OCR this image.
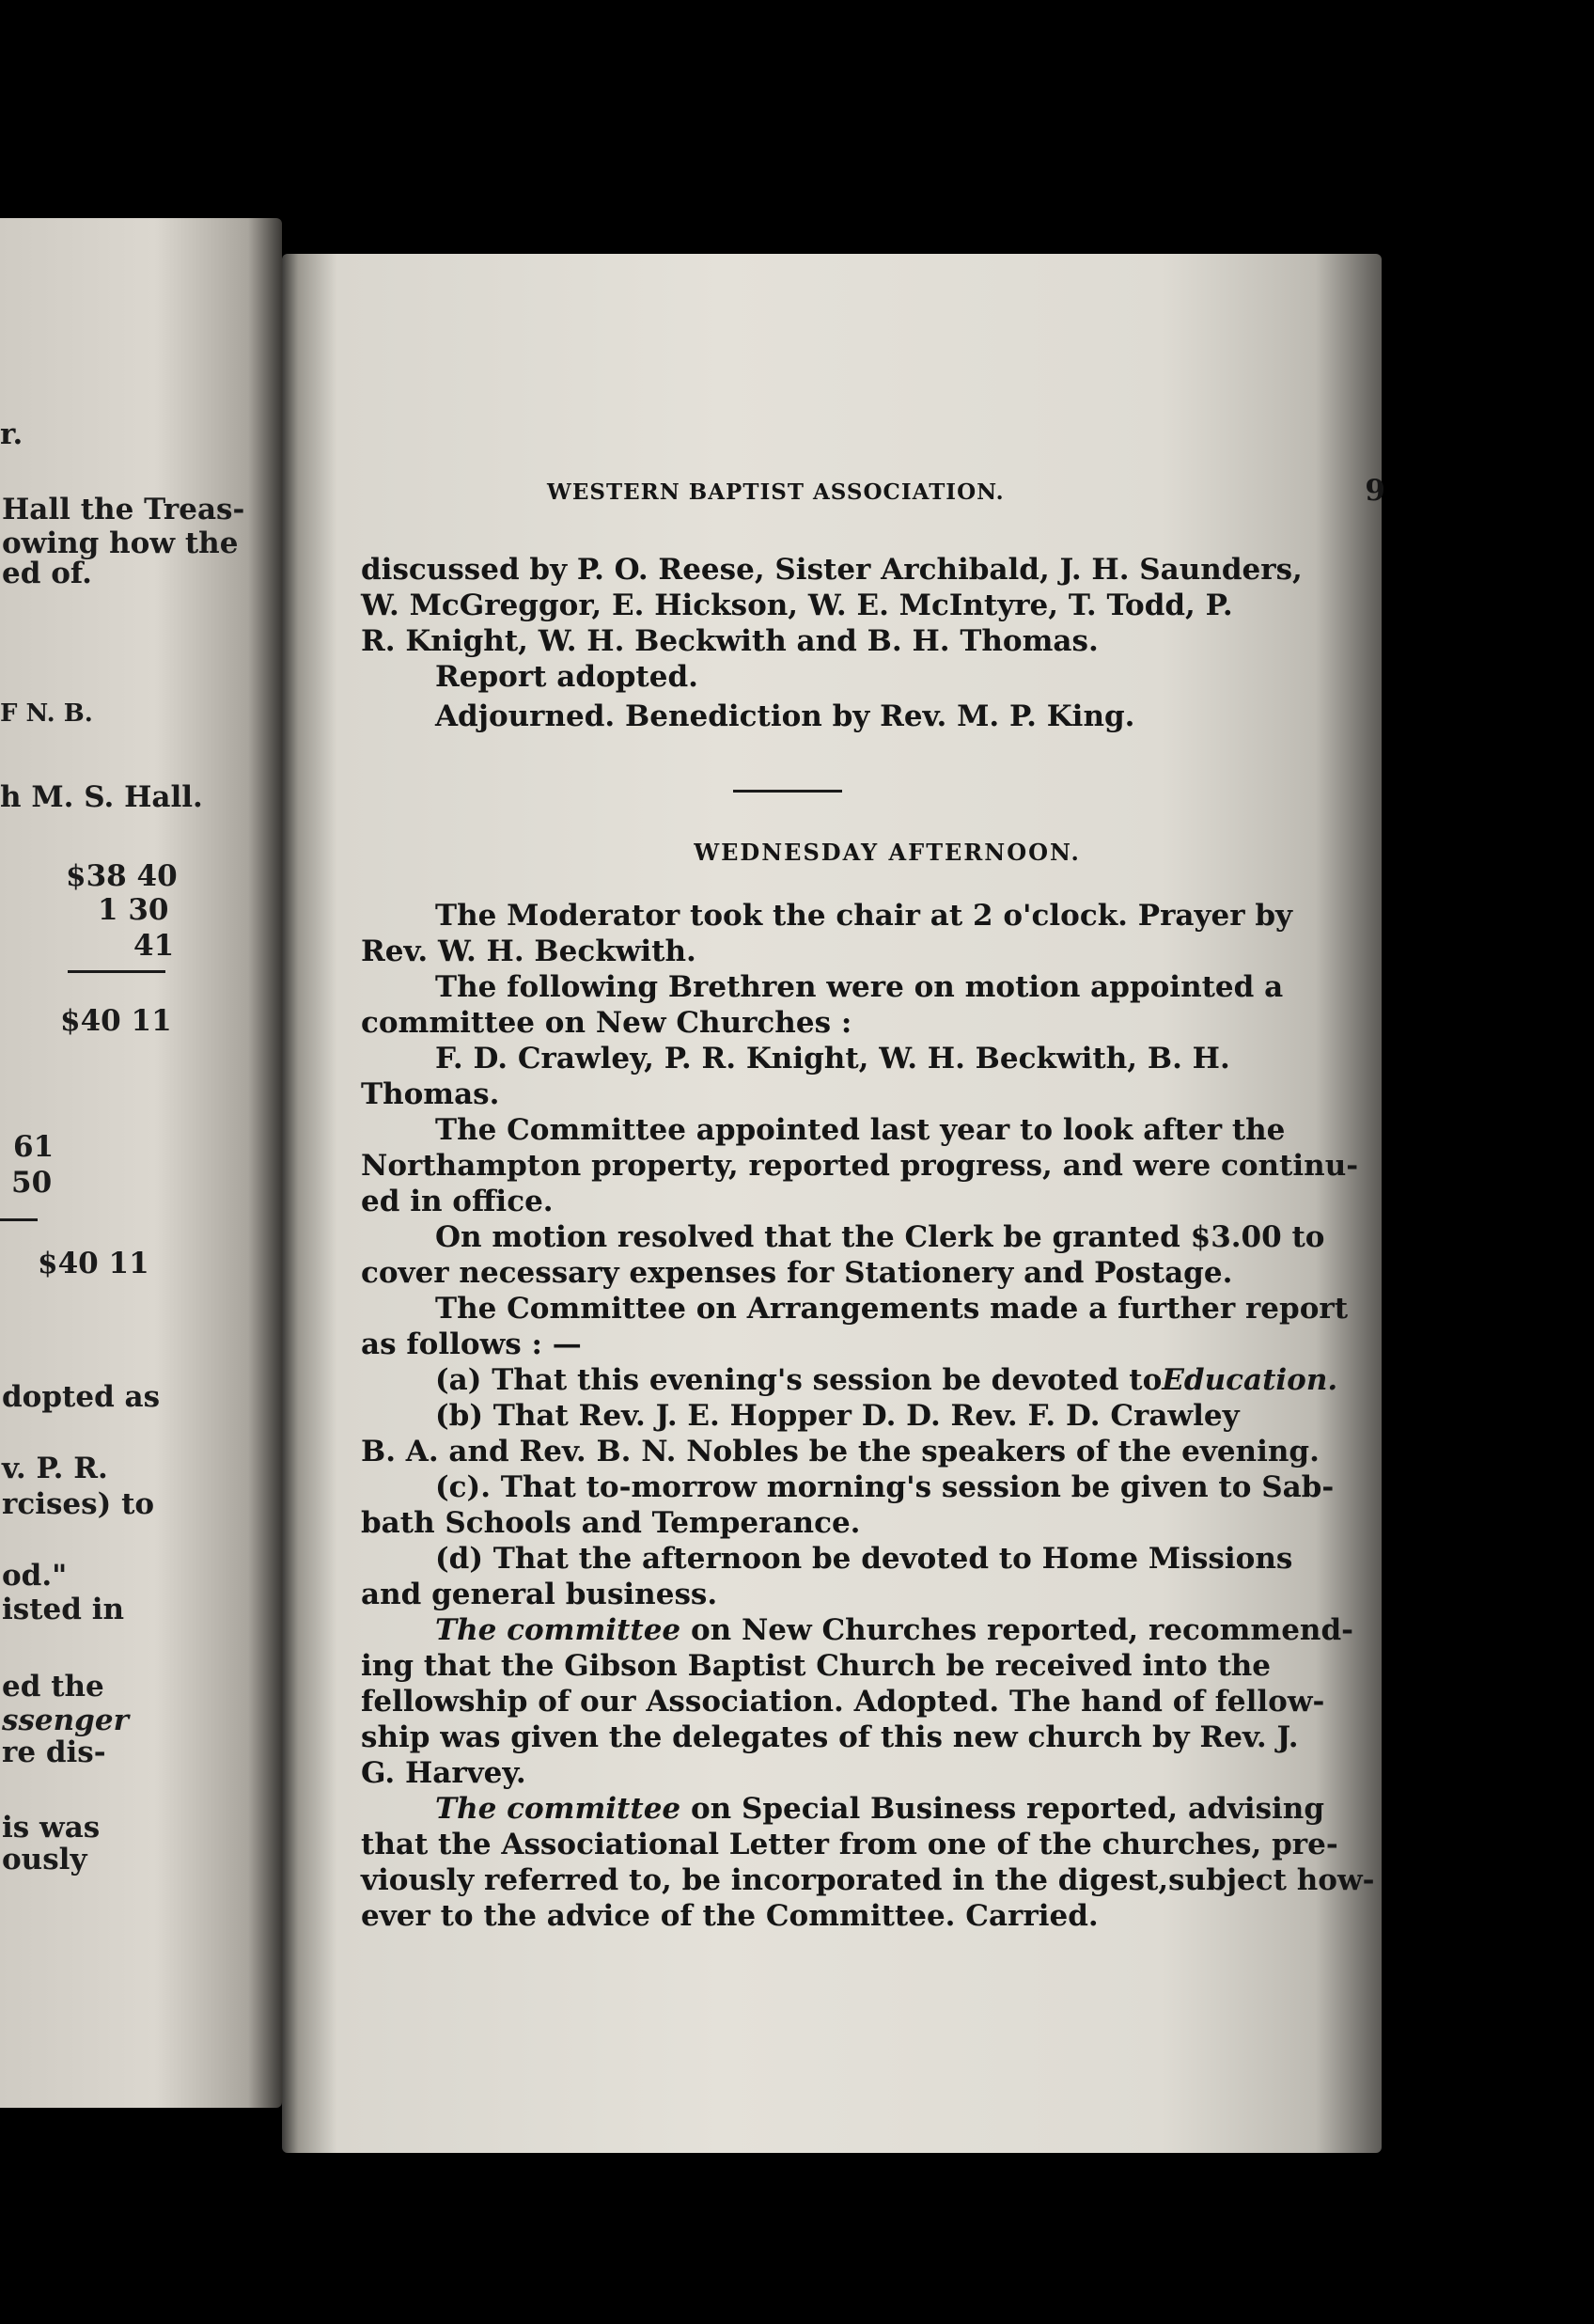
r.
Hall the Treas-
owing how the
ed of.
F N. B.
h M. S. Hall.
$38 40
1 30
41
$40 11
61
50
$40 11
dopted as
v. P. R.
rcises) to
od."
isted in
ed the
ssenger
re dis-
is was
ously
WESTERN BAPTIST ASSOCIATION.	9
discussed by P. O. Reese, Sister Archibald, J. H. Saunders,
W. McGreggor, E. Hickson, W. E. McIntyre, T. Todd, P.
R. Knight, W. H. Beckwith and B. H. Thomas.
Report adopted.
Adjourned. Benediction by Rev. M. P. King.
WEDNESDAY AFTERNOON.
The Moderator took the chair at 2 o'clock. Prayer by
Rev. W. H. Beckwith.
The following Brethren were on motion appointed a
committee on New Churches :
F. D. Crawley, P. R. Knight, W. H. Beckwith, B. H.
Thomas.
The Committee appointed last year to look after the
Northampton property, reported progress, and were continu-
ed in office.
On motion resolved that the Clerk be granted $3.00 to
cover necessary expenses for Stationery and Postage.
The Committee on Arrangements made a further report
as follows : —
(a) That this evening's session be devoted toEducation.
(b) That Rev. J. E. Hopper D. D. Rev. F. D. Crawley
B. A. and Rev. B. N. Nobles be the speakers of the evening.
(c). That to-morrow morning's session be given to Sab-
bath Schools and Temperance.
(d) That the afternoon be devoted to Home Missions
and general business.
The committee on New Churches reported, recommend-
ing that the Gibson Baptist Church be received into the
fellowship of our Association. Adopted. The hand of fellow-
ship was given the delegates of this new church by Rev. J.
G. Harvey.
The committee on Special Business reported, advising
that the Associational Letter from one of the churches, pre-
viously referred to, be incorporated in the digest,subject how-
ever to the advice of the Committee. Carried.
